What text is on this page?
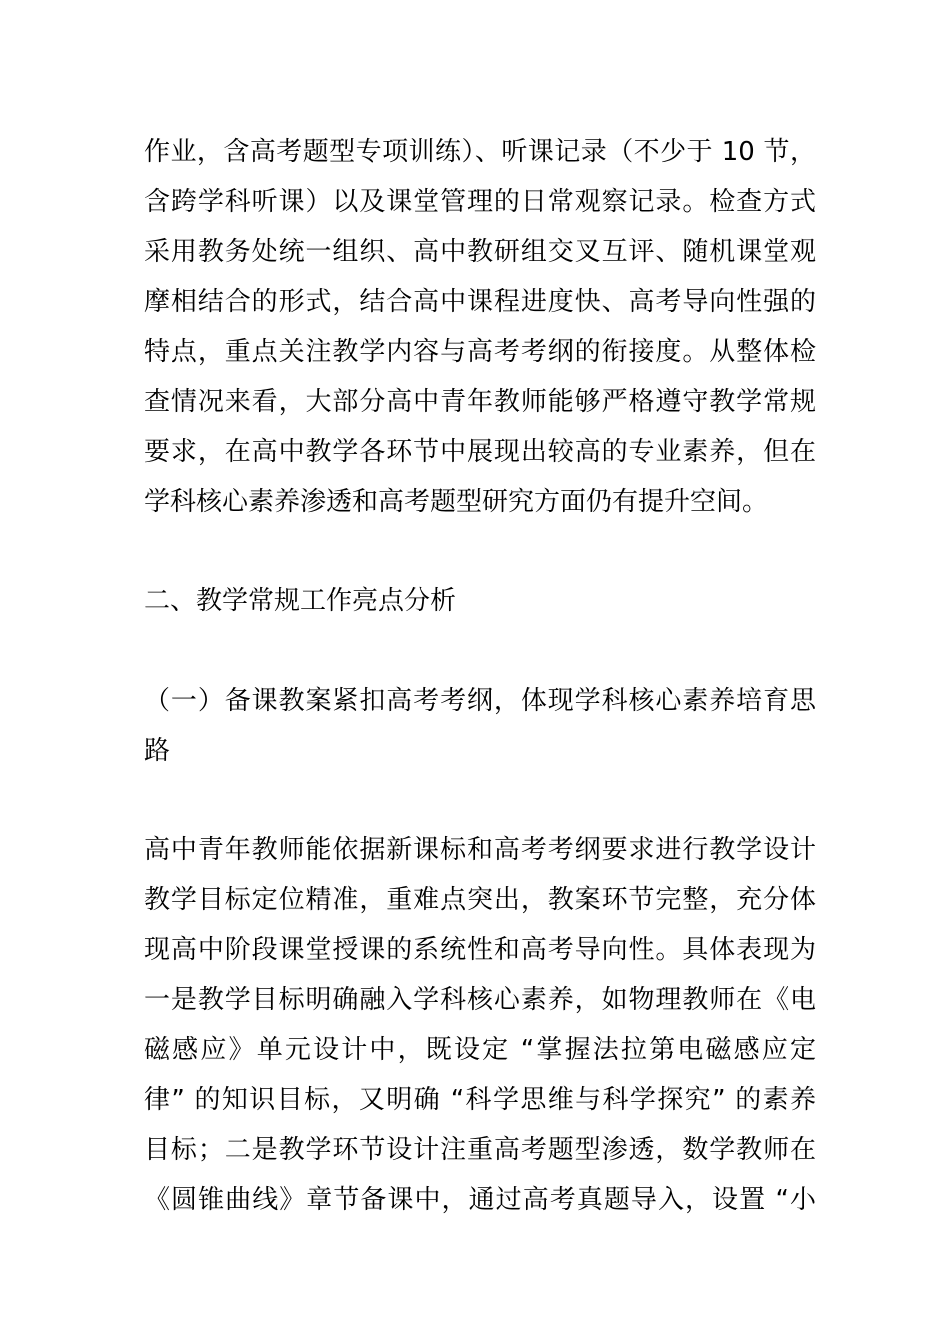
作业，含高考题型专项训练）、听课记录（不少于 10 节，
含跨学科听课）以及课堂管理的日常观察记录。检查方式
采用教务处统一组织、高中教研组交叉互评、随机课堂观
摩相结合的形式，结合高中课程进度快、高考导向性强的
特点，重点关注教学内容与高考考纲的衔接度。从整体检
查情况来看，大部分高中青年教师能够严格遵守教学常规
要求，在高中教学各环节中展现出较高的专业素养，但在
学科核心素养渗透和高考题型研究方面仍有提升空间。
二、教学常规工作亮点分析
（一）备课教案紧扣高考考纲，体现学科核心素养培育思
路
高中青年教师能依据新课标和高考考纲要求进行教学设计
教学目标定位精准，重难点突出，教案环节完整，充分体
现高中阶段课堂授课的系统性和高考导向性。具体表现为
一是教学目标明确融入学科核心素养，如物理教师在《电
磁感应》单元设计中，既设定 “掌握法拉第电磁感应定
律” 的知识目标，又明确 “科学思维与科学探究” 的素养
目标；二是教学环节设计注重高考题型渗透，数学教师在
《圆锥曲线》章节备课中，通过高考真题导入，设置 “小
